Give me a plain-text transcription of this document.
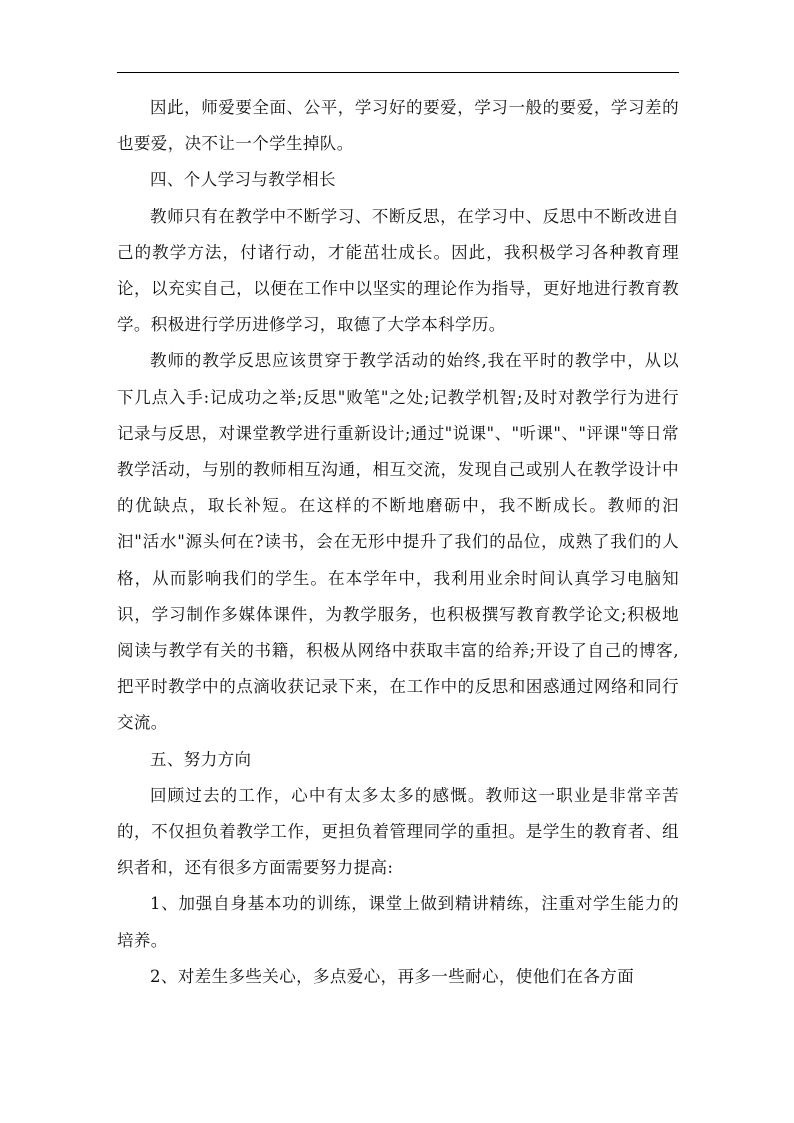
因此，师爱要全面、公平，学习好的要爱，学习一般的要爱，学习差的也要爱，决不让一个学生掉队。

四、个人学习与教学相长

教师只有在教学中不断学习、不断反思，在学习中、反思中不断改进自己的教学方法，付诸行动，才能茁壮成长。因此，我积极学习各种教育理论，以充实自己，以便在工作中以坚实的理论作为指导，更好地进行教育教学。积极进行学历进修学习，取德了大学本科学历。

教师的教学反思应该贯穿于教学活动的始终,我在平时的教学中，从以下几点入手:记成功之举;反思"败笔"之处;记教学机智;及时对教学行为进行记录与反思，对课堂教学进行重新设计;通过"说课"、"听课"、"评课"等日常教学活动，与别的教师相互沟通，相互交流，发现自己或别人在教学设计中的优缺点，取长补短。在这样的不断地磨砺中，我不断成长。教师的汩汩"活水"源头何在?读书，会在无形中提升了我们的品位，成熟了我们的人格，从而影响我们的学生。在本学年中，我利用业余时间认真学习电脑知识，学习制作多媒体课件，为教学服务，也积极撰写教育教学论文;积极地阅读与教学有关的书籍，积极从网络中获取丰富的给养;开设了自己的博客,把平时教学中的点滴收获记录下来，在工作中的反思和困惑通过网络和同行交流。

五、努力方向

回顾过去的工作，心中有太多太多的感慨。教师这一职业是非常辛苦的，不仅担负着教学工作，更担负着管理同学的重担。是学生的教育者、组织者和，还有很多方面需要努力提高:

1、加强自身基本功的训练，课堂上做到精讲精练，注重对学生能力的培养。

2、对差生多些关心，多点爱心，再多一些耐心，使他们在各方面
